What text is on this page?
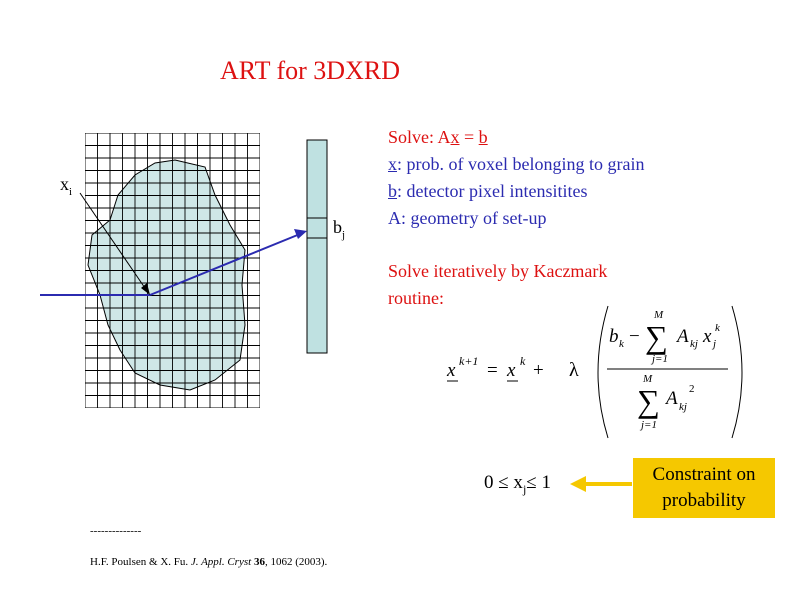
ART for 3DXRD
$x_i$
$b_j$
Solve: Ax = b
x: prob. of voxel belonging to grain
b: detector pixel intensitites
A: geometry of set-up
Solve iteratively by Kaczmark
routine:
x k+1 = x k + λ
b k − ∑
M
j=1
A kj x j
k
∑
M
j=1
A kj
2
$0 \le x_j\le 1$	Constraint on
probability
--------------
H.F. Poulsen & X. Fu. J. Appl. Cryst 36, 1062 (2003).
